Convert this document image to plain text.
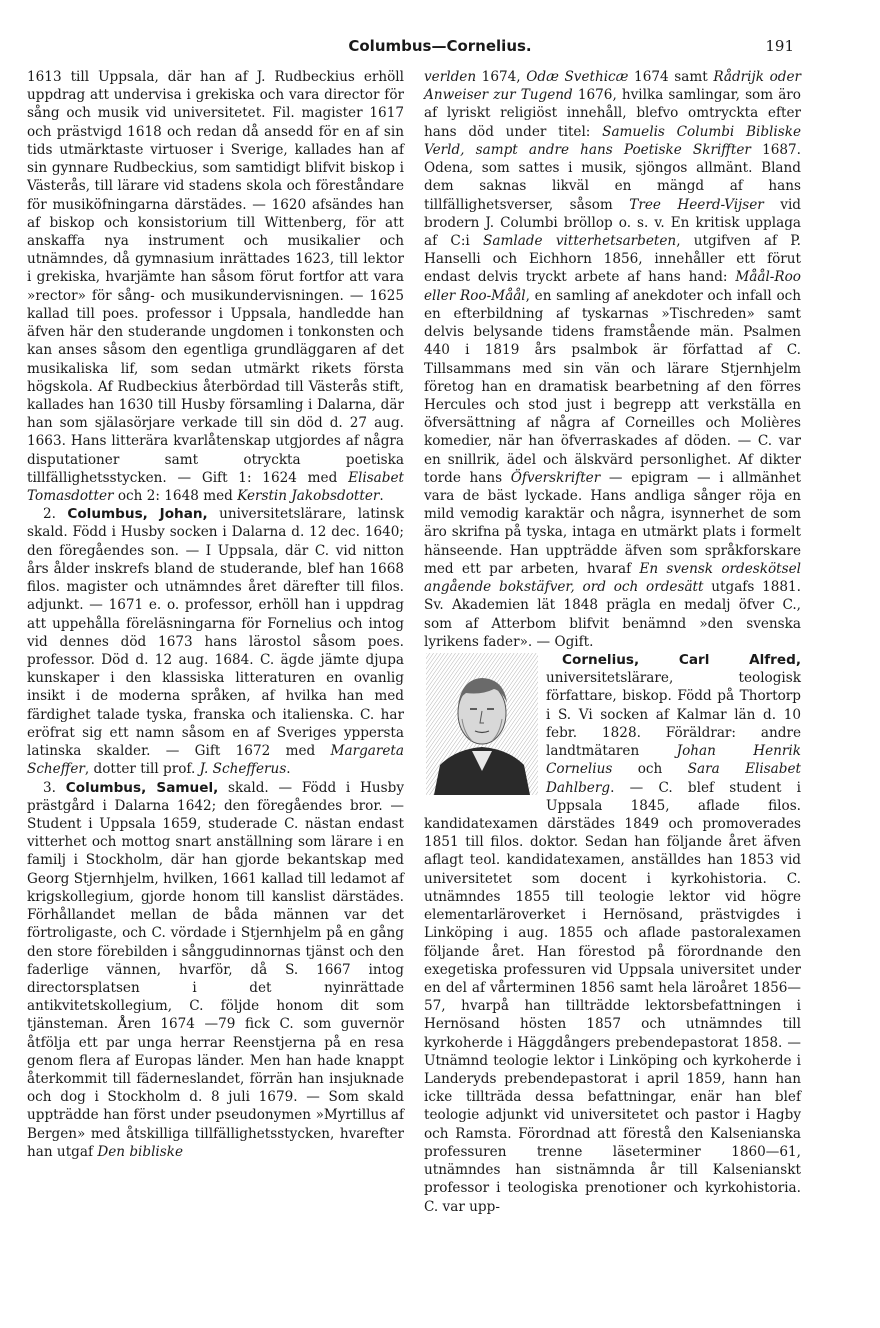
Columbus—Cornelius.	191

1613 till Uppsala, där han af J. Rudbeckius erhöll uppdrag att undervisa i grekiska och vara director för sång och musik vid universitetet. Fil. magister 1617 och prästvigd 1618 och redan då ansedd för en af sin tids utmärktaste virtuoser i Sverige, kallades han af sin gynnare Rudbeckius, som samtidigt blifvit biskop i Västerås, till lärare vid stadens skola och föreståndare för musiköfningarna därstädes. — 1620 afsändes han af biskop och konsistorium till Wittenberg, för att anskaffa nya instrument och musikalier och utnämndes, då gymnasium inrättades 1623, till lektor i grekiska, hvarjämte han såsom förut fortfor att vara »rector» för sång- och musikundervisningen. — 1625 kallad till poes. professor i Uppsala, handledde han äfven här den studerande ungdomen i tonkonsten och kan anses såsom den egentliga grundläggaren af det musikaliska lif, som sedan utmärkt rikets första högskola. Af Rudbeckius återbördad till Västerås stift, kallades han 1630 till Husby församling i Dalarna, där han som själasörjare verkade till sin död d. 27 aug. 1663. Hans litterära kvarlåtenskap utgjordes af några disputationer samt otryckta poetiska tillfällighetsstycken. — Gift 1: 1624 med Elisabet Tomasdotter och 2: 1648 med Kerstin Jakobsdotter.

2. Columbus, Johan, universitetslärare, latinsk skald. Född i Husby socken i Dalarna d. 12 dec. 1640; den föregåendes son. — I Uppsala, där C. vid nitton års ålder inskrefs bland de studerande, blef han 1668 filos. magister och utnämndes året därefter till filos. adjunkt. — 1671 e. o. professor, erhöll han i uppdrag att uppehålla föreläsningarna för Fornelius och intog vid dennes död 1673 hans lärostol såsom poes. professor. Död d. 12 aug. 1684. C. ägde jämte djupa kunskaper i den klassiska litteraturen en ovanlig insikt i de moderna språken, af hvilka han med färdighet talade tyska, franska och italienska. C. har eröfrat sig ett namn såsom en af Sveriges yppersta latinska skalder. — Gift 1672 med Margareta Scheffer, dotter till prof. J. Schefferus.

3. Columbus, Samuel, skald. — Född i Husby prästgård i Dalarna 1642; den föregåendes bror. — Student i Uppsala 1659, studerade C. nästan endast vitterhet och mottog snart anställning som lärare i en familj i Stockholm, där han gjorde bekantskap med Georg Stjernhjelm, hvilken, 1661 kallad till ledamot af krigskollegium, gjorde honom till kanslist därstädes. Förhållandet mellan de båda männen var det förtroligaste, och C. vördade i Stjernhjelm på en gång den store förebilden i sånggudinnornas tjänst och den faderlige vännen, hvarför, då S. 1667 intog directorsplatsen i det nyinrättade antikvitetskollegium, C. följde honom dit som tjänsteman. Åren 1674 —79 fick C. som guvernör åtfölja ett par unga herrar Reenstjerna på en resa genom flera af Europas länder. Men han hade knappt återkommit till fäderneslandet, förrän han insjuknade och dog i Stockholm d. 8 juli 1679. — Som skald uppträdde han först under pseudonymen »Myrtillus af Bergen» med åtskilliga tillfällighetsstycken, hvarefter han utgaf Den bibliske

verlden 1674, Odæ Svethicæ 1674 samt Rådrijk oder Anweiser zur Tugend 1676, hvilka samlingar, som äro af lyriskt religiöst innehåll, blefvo omtryckta efter hans död under titel: Samuelis Columbi Bibliske Verld, sampt andre hans Poetiske Skriffter 1687. Odena, som sattes i musik, sjöngos allmänt. Bland dem saknas likväl en mängd af hans tillfällighetsverser, såsom Tree Heerd-Vijser vid brodern J. Columbi bröllop o. s. v. En kritisk upplaga af C:i Samlade vitterhetsarbeten, utgifven af P. Hanselli och Eichhorn 1856, innehåller ett förut endast delvis tryckt arbete af hans hand: Måål-Roo eller Roo-Måål, en samling af anekdoter och infall och en efterbildning af tyskarnas »Tischreden» samt delvis belysande tidens framstående män. Psalmen 440 i 1819 års psalmbok är författad af C. Tillsammans med sin vän och lärare Stjernhjelm företog han en dramatisk bearbetning af den förres Hercules och stod just i begrepp att verkställa en öfversättning af några af Corneilles och Molières komedier, när han öfverraskades af döden. — C. var en snillrik, ädel och älskvärd personlighet. Af dikter torde hans Öfverskrifter — epigram — i allmänhet vara de bäst lyckade. Hans andliga sånger röja en mild vemodig karaktär och några, isynnerhet de som äro skrifna på tyska, intaga en utmärkt plats i formelt hänseende. Han uppträdde äfven som språkforskare med ett par arbeten, hvaraf En svensk ordeskötsel angående bokstäfver, ord och ordesätt utgafs 1881. Sv. Akademien lät 1848 prägla en medalj öfver C., som af Atterbom blifvit benämnd »den svenska lyrikens fader». — Ogift.

Cornelius, Carl Alfred,
universitetslärare, teologisk författare, biskop. Född på Thortorp i S. Vi socken af Kalmar län d. 10 febr. 1828. Föräldrar: andre landtmätaren Johan Henrik Cornelius och Sara Elisabet Dahlberg. — C. blef student i Uppsala 1845, aflade filos. kandidatexamen därstädes 1849 och promoverades 1851 till filos. doktor. Sedan han följande året äfven aflagt teol. kandidatexamen, anställdes han 1853 vid universitetet som docent i kyrkohistoria. C. utnämndes 1855 till teologie lektor vid högre elementarläroverket i Hernösand, prästvigdes i Linköping i aug. 1855 och aflade pastoralexamen följande året. Han förestod på förordnande den exegetiska professuren vid Uppsala universitet under en del af vårterminen 1856 samt hela läroåret 1856—57, hvarpå han tillträdde lektorsbefattningen i Hernösand hösten 1857 och utnämndes till kyrkoherde i Häggdångers prebendepastorat 1858. — Utnämnd teologie lektor i Linköping och kyrkoherde i Landeryds prebendepastorat i april 1859, hann han icke tillträda dessa befattningar, enär han blef teologie adjunkt vid universitetet och pastor i Hagby och Ramsta. Förordnad att förestå den Kalsenianska professuren trenne läseterminer 1860—61, utnämndes han sistnämnda år till Kalsenianskt professor i teologiska prenotioner och kyrkohistoria. C. var upp-
